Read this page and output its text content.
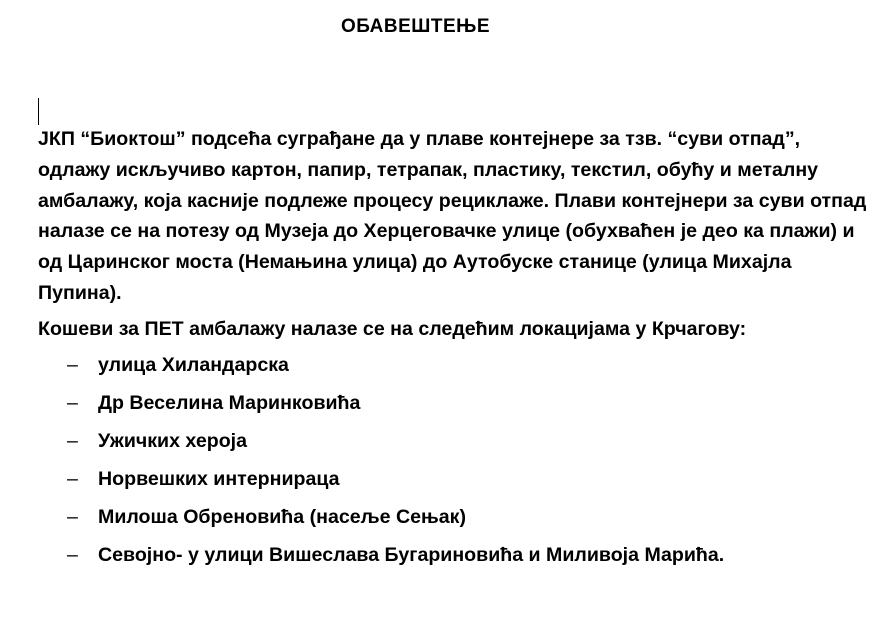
ОБАВЕШТЕЊЕ

ЈКП “Биоктош” подсећа суграђане да у плаве контејнере за тзв. “суви отпад”, одлажу искључиво картон, папир, тетрапак, пластику, текстил, обућу и металну амбалажу, која касније подлеже процесу рециклаже. Плави контејнери за суви отпад налазе се на потезу од Музеја до Херцеговачке улице (обухваћен је део ка плажи) и од Царинског моста (Немањина улица) до Аутобуске станице (улица Михајла Пупина).

Кошеви за ПЕТ амбалажу налазе се на следећим локацијама у Крчагову:

– улица Хиландарска
– Др Веселина Маринковића
– Ужичких хероја
– Норвешких интернираца
– Милоша Обреновића (насеље Сењак)
– Севојно- у улици Вишеслава Бугариновића и Миливоја Марића.
